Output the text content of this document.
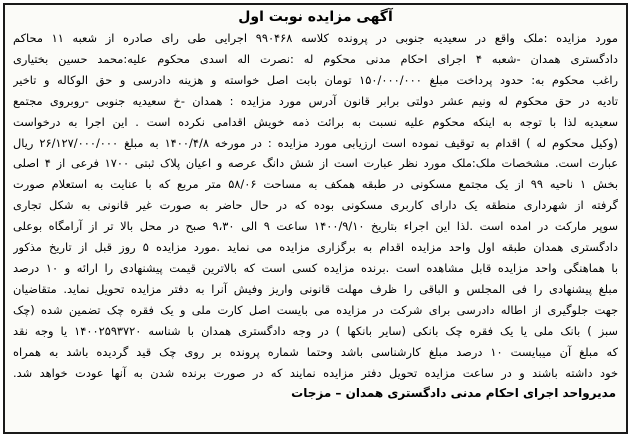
آگهی مزایده نوبت اول
مورد مزایده :ملک واقع در سعیدیه جنوبی در پرونده کلاسه ۹۹۰۴۶۸ اجرایی طی رای صادره از شعبه ۱۱ محاکم
دادگستری همدان -شعبه ۴ اجرای احکام مدنی محکوم له :نصرت اله اسدی محکوم علیه:محمد حسین بختیاری
راغب محکوم به: حدود پرداخت مبلغ ۱۵۰/۰۰۰/۰۰۰ تومان بابت اصل خواسته و هزینه دادرسی و حق الوکاله و تاخیر
تادیه در حق محکوم له ونیم عشر دولتی برابر قانون آدرس مورد مزایده : همدان -خ سعیدیه جنوبی -روبروی مجتمع
سعیدیه لذا با توجه به اینکه محکوم علیه نسبت به برائت ذمه خویش اقدامی نکرده است . این اجرا به درخواست
(وکیل محکوم له ) اقدام به توقیف نموده است ارزیابی مورد مزایده : در مورخه ۱۴۰۰/۴/۸ به مبلغ ۲۶/۱۲۷/۰۰۰/۰۰۰ ریال
عبارت است. مشخصات ملک:ملک مورد نظر عبارت است از شش دانگ عرصه و اعیان پلاک ثبتی ۱۷۰۰ فرعی از ۴ اصلی
بخش ۱ ناحیه ۹۹ از یک مجتمع مسکونی در طبقه همکف به مساحت ۵۸/۰۶ متر مربع که با عنایت به استعلام صورت
گرفته از شهرداری منطقه یک دارای کاربری مسکونی بوده که در حال حاضر به صورت غیر قانونی به شکل تجاری
سوپر مارکت در امده است .لذا این اجراء بتاریخ ۱۴۰۰/۹/۱۰ ساعت ۹ الی ۹،۳۰ صبح در محل بالا تر از آرامگاه بوعلی
دادگستری همدان طبقه اول واحد مزایده اقدام به برگزاری مزایده می نماید .مورد مزایده ۵ روز قبل از تاریخ مذکور
با هماهنگی واحد مزایده قابل مشاهده است .برنده مزایده کسی است که بالاترین قیمت پیشنهادی را ارائه و ۱۰ درصد
مبلغ پیشنهادی را فی المجلس و الباقی را ظرف مهلت قانونی واریز وفیش آنرا به دفتر مزایده تحویل نماید. متقاضیان
جهت جلوگیری از اطاله دادرسی برای شرکت در مزایده می بایست اصل کارت ملی و یک فقره چک تضمین شده (چک
سبز ) بانک ملی یا یک فقره چک بانکی (سایر بانکها ) در وجه دادگستری همدان با شناسه ۱۴۰۰۲۵۹۳۷۲۰ یا وجه نقد
که مبلغ آن میبایست ۱۰ درصد مبلغ کارشناسی باشد وحتما شماره پرونده بر روی چک قید گردیده باشد به همراه
خود داشته باشند و در ساعت مزایده تحویل دفتر مزایده نمایند که در صورت برنده شدن به آنها عودت خواهد شد.
مدیرواحد اجرای احکام مدنی دادگستری همدان – مزجات
